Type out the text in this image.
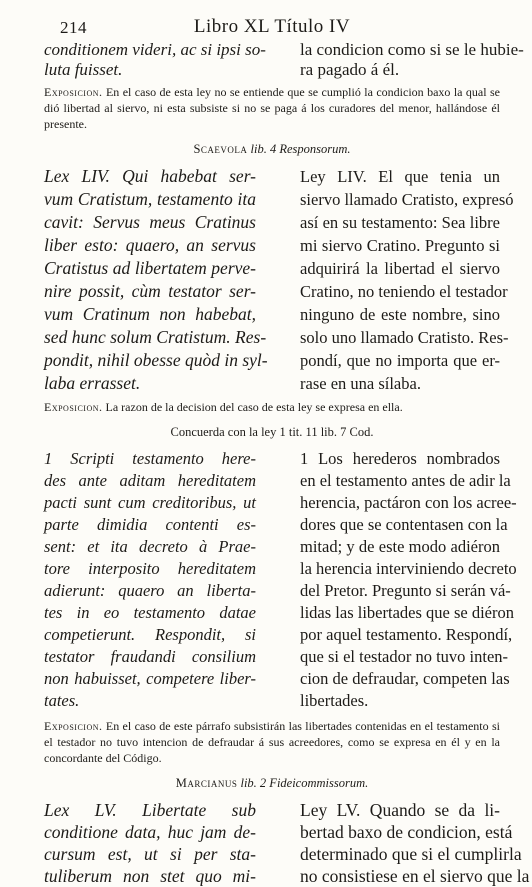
214	Libro XL Título IV
conditionem videri, ac si ipsi so-
luta fuisset.
la condicion como si se le hubie-
ra pagado á él.

Exposicion. En el caso de esta ley no se entiende que se cumplió la condicion baxo la qual se dió libertad al siervo, ni esta subsiste si no se paga á los curadores del menor, hallándose él presente.

Scaevola lib. 4 Responsorum.
Lex LIV. Qui habebat ser-
vum Cratistum, testamento ita
cavit: Servus meus Cratinus
liber esto: quaero, an servus
Cratistus ad libertatem perve-
nire possit, cùm testator ser-
vum Cratinum non habebat,
sed hunc solum Cratistum. Res-
pondit, nihil obesse quòd in syl-
laba errasset.
Ley LIV. El que tenia un
siervo llamado Cratisto, expresó
así en su testamento: Sea libre
mi siervo Cratino. Pregunto si
adquirirá la libertad el siervo
Cratino, no teniendo el testador
ninguno de este nombre, sino
solo uno llamado Cratisto. Res-
pondí, que no importa que er-
rase en una sílaba.

Exposicion. La razon de la decision del caso de esta ley se expresa en ella.

Concuerda con la ley 1 tit. 11 lib. 7 Cod.
1 Scripti testamento here-
des ante aditam hereditatem
pacti sunt cum creditoribus, ut
parte dimidia contenti es-
sent: et ita decreto à Prae-
tore interposito hereditatem
adierunt: quaero an liberta-
tes in eo testamento datae
competierunt. Respondit, si
testator fraudandi consilium
non habuisset, competere liber-
tates.
1 Los herederos nombrados
en el testamento antes de adir la
herencia, pactáron con los acree-
dores que se contentasen con la
mitad; y de este modo adiéron
la herencia interviniendo decreto
del Pretor. Pregunto si serán vá-
lidas las libertades que se diéron
por aquel testamento. Respondí,
que si el testador no tuvo inten-
cion de defraudar, competen las
libertades.

Exposicion. En el caso de este párrafo subsistirán las libertades contenidas en el testamento si el testador no tuvo intencion de defraudar á sus acreedores, como se expresa en él y en la concordante del Código.

Marcianus lib. 2 Fideicommissorum.
Lex LV. Libertate sub
conditione data, huc jam de-
cursum est, ut si per sta-
tuliberum non stet quo mi-
Ley LV. Quando se da li-
bertad baxo de condicion, está
determinado que si el cumplirla
no consistiese en el siervo que la
